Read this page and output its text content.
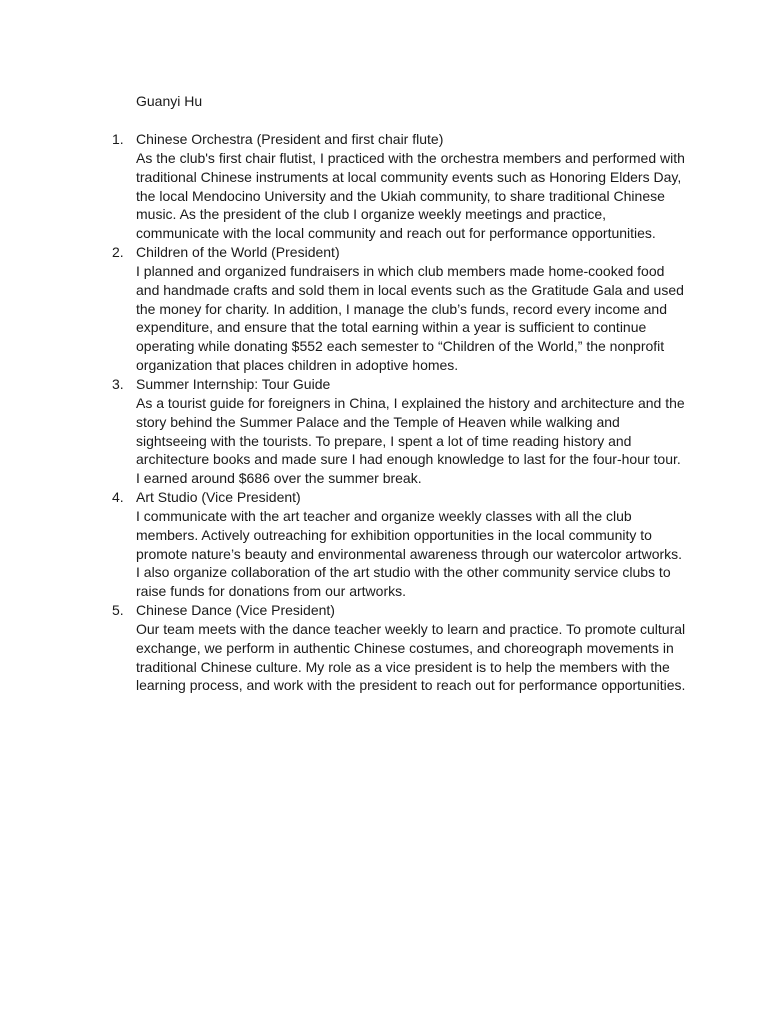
Guanyi Hu
1. Chinese Orchestra (President and first chair flute)
As the club's first chair flutist, I practiced with the orchestra members and performed with
traditional Chinese instruments at local community events such as Honoring Elders Day,
the local Mendocino University and the Ukiah community, to share traditional Chinese
music. As the president of the club I organize weekly meetings and practice,
communicate with the local community and reach out for performance opportunities.
2. Children of the World (President)
I planned and organized fundraisers in which club members made home-cooked food
and handmade crafts and sold them in local events such as the Gratitude Gala and used
the money for charity. In addition, I manage the club’s funds, record every income and
expenditure, and ensure that the total earning within a year is sufficient to continue
operating while donating $552 each semester to “Children of the World,” the nonprofit
organization that places children in adoptive homes.
3. Summer Internship: Tour Guide
As a tourist guide for foreigners in China, I explained the history and architecture and the
story behind the Summer Palace and the Temple of Heaven while walking and
sightseeing with the tourists. To prepare, I spent a lot of time reading history and
architecture books and made sure I had enough knowledge to last for the four-hour tour.
I earned around $686 over the summer break.
4. Art Studio (Vice President)
I communicate with the art teacher and organize weekly classes with all the club
members. Actively outreaching for exhibition opportunities in the local community to
promote nature’s beauty and environmental awareness through our watercolor artworks.
I also organize collaboration of the art studio with the other community service clubs to
raise funds for donations from our artworks.
5. Chinese Dance (Vice President)
Our team meets with the dance teacher weekly to learn and practice. To promote cultural
exchange, we perform in authentic Chinese costumes, and choreograph movements in
traditional Chinese culture. My role as a vice president is to help the members with the
learning process, and work with the president to reach out for performance opportunities.
